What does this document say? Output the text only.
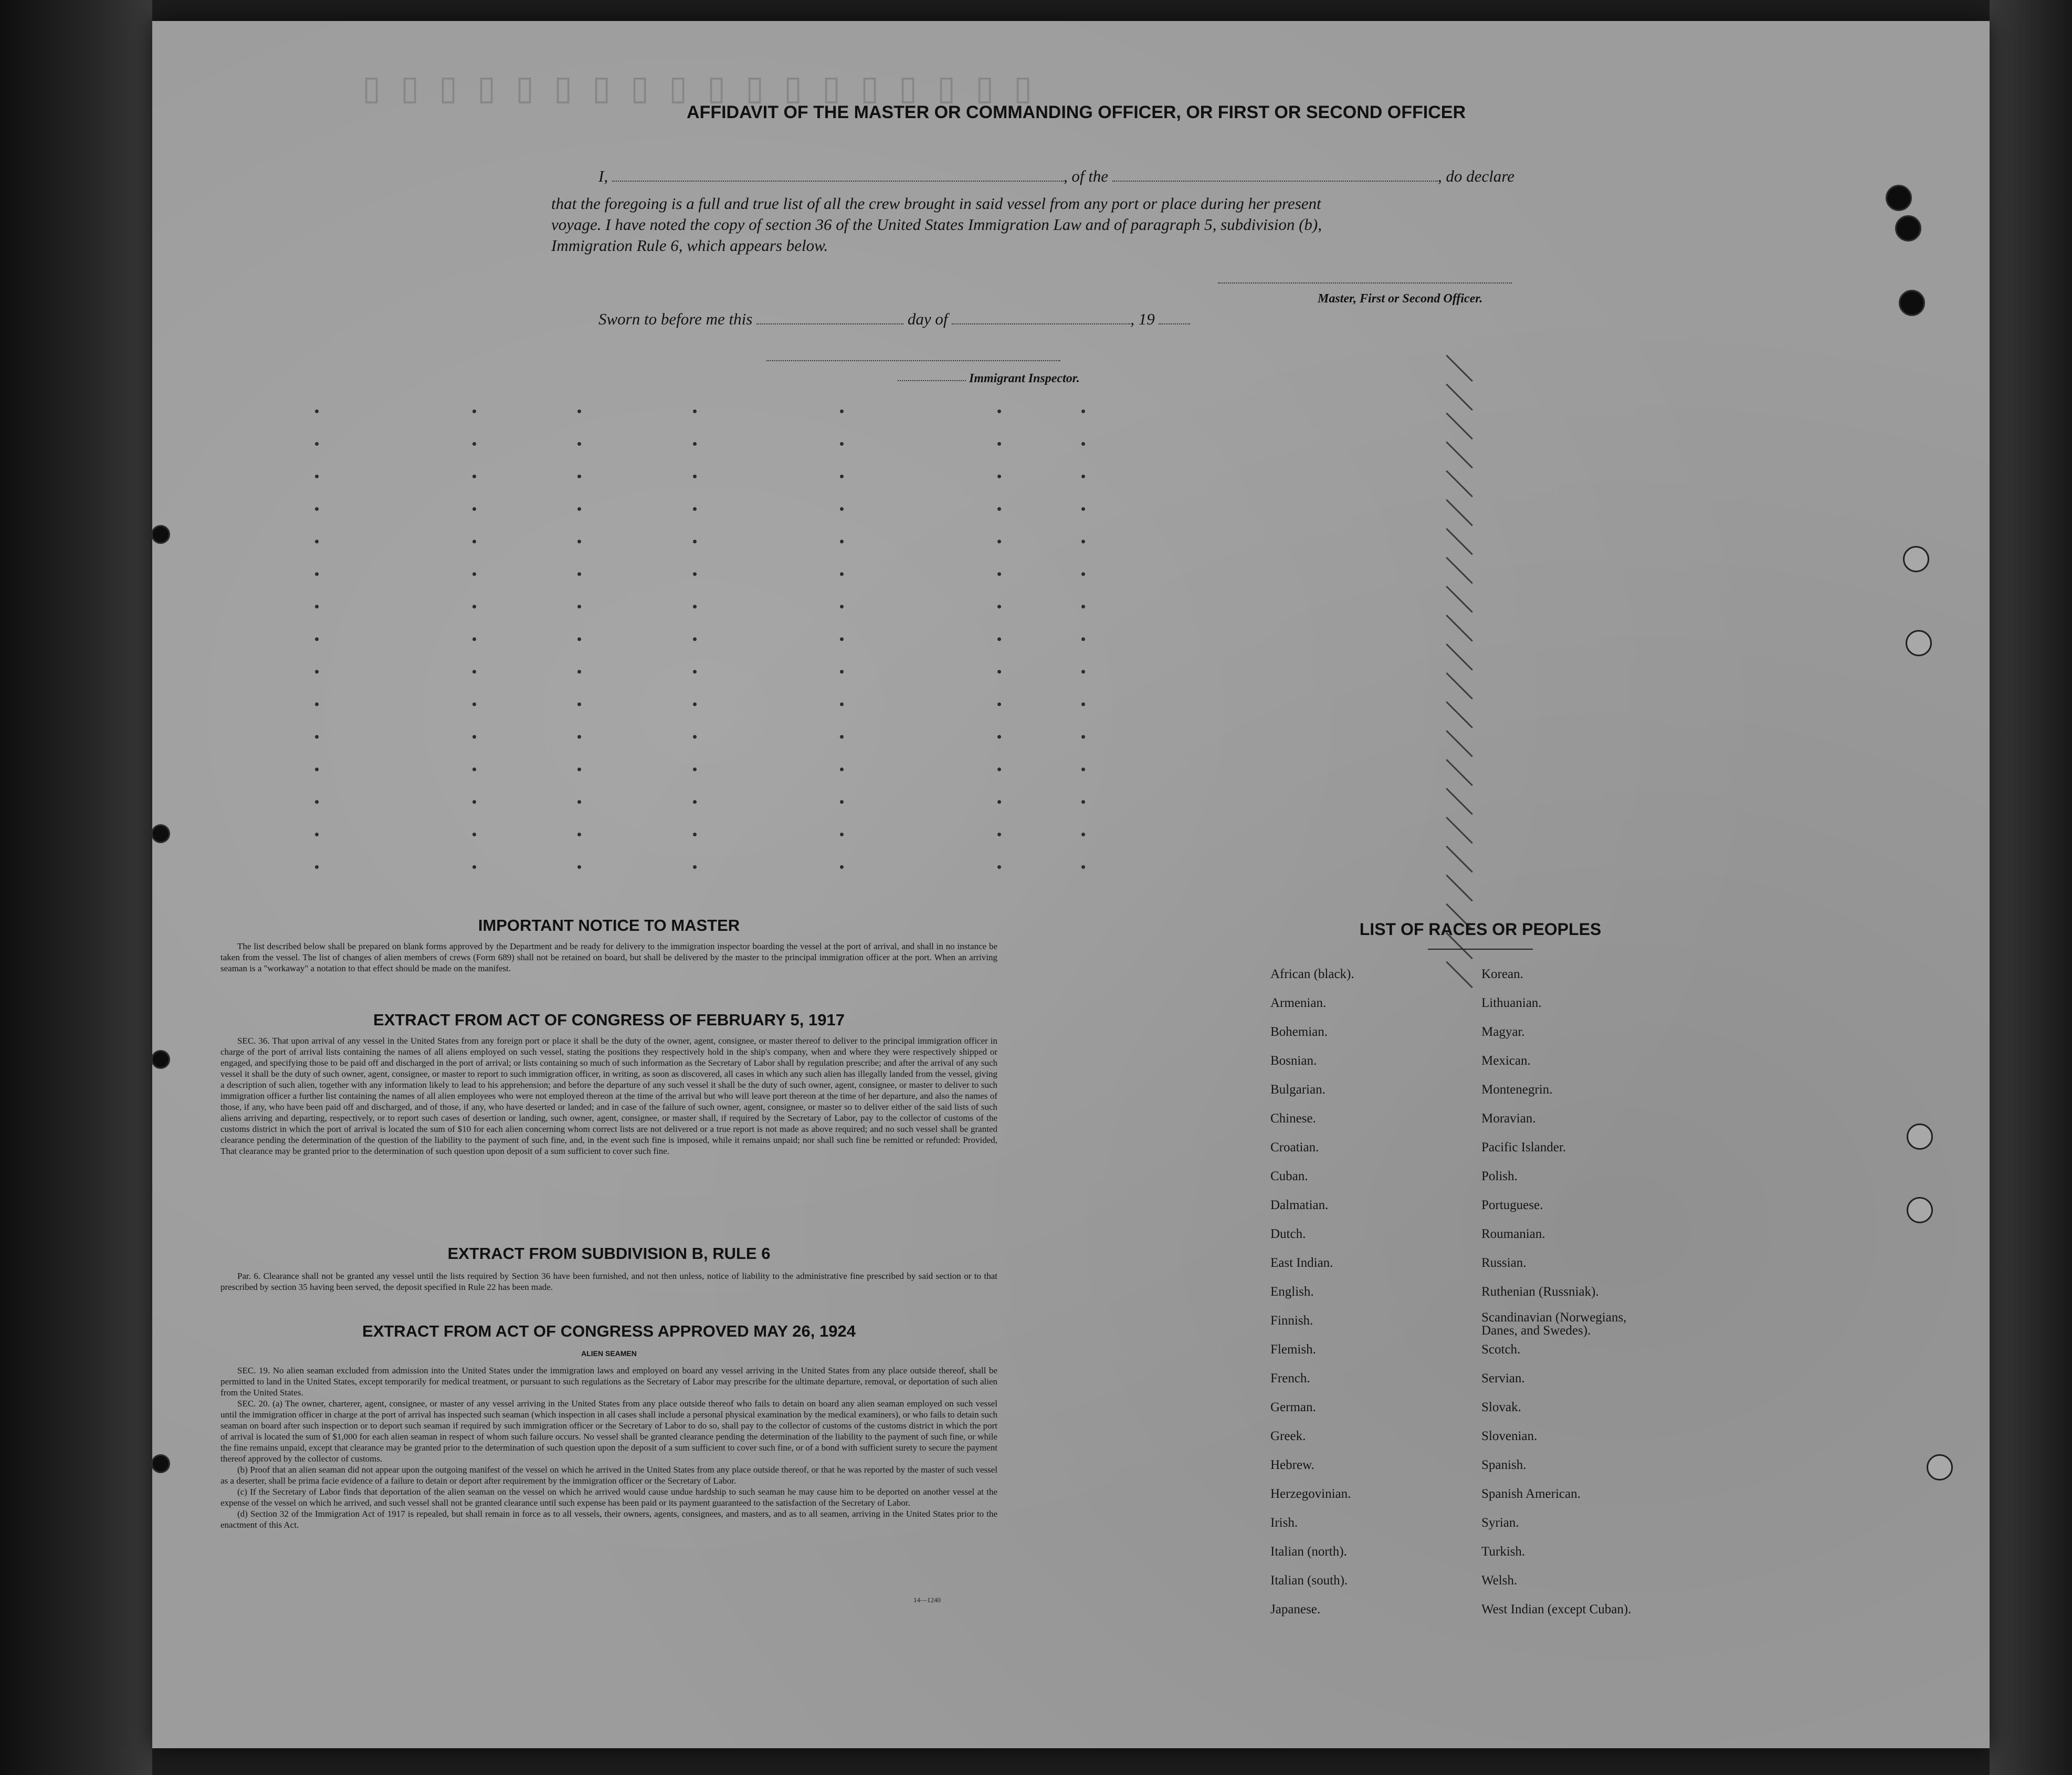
▯ ▯ ▯ ▯ ▯ ▯ ▯ ▯ ▯ ▯ ▯ ▯ ▯ ▯ ▯ ▯ ▯ ▯
AFFIDAVIT OF THE MASTER OR COMMANDING OFFICER, OR FIRST OR SECOND OFFICER
I,	, of the	, do declare
that the foregoing is a full and true list of all the crew brought in said vessel from any port or place during her present
voyage. I have noted the copy of section 36 of the United States Immigration Law and of paragraph 5, subdivision (b),
Immigration Rule 6, which appears below.
Master, First or Second Officer.
Sworn to before me this	day of	, 19
Immigrant Inspector.
IMPORTANT NOTICE TO MASTER

The list described below shall be prepared on blank forms approved by the Department and be ready for delivery to the immigration inspector boarding the vessel at the port of arrival, and shall in no instance be taken from the vessel. The list of changes of alien members of crews (Form 689) shall not be retained on board, but shall be delivered by the master to the principal immigration officer at the port. When an arriving seaman is a "workaway" a notation to that effect should be made on the manifest.

EXTRACT FROM ACT OF CONGRESS OF FEBRUARY 5, 1917

SEC. 36. That upon arrival of any vessel in the United States from any foreign port or place it shall be the duty of the owner, agent, consignee, or master thereof to deliver to the principal immigration officer in charge of the port of arrival lists containing the names of all aliens employed on such vessel, stating the positions they respectively hold in the ship's company, when and where they were respectively shipped or engaged, and specifying those to be paid off and discharged in the port of arrival; or lists containing so much of such information as the Secretary of Labor shall by regulation prescribe; and after the arrival of any such vessel it shall be the duty of such owner, agent, consignee, or master to report to such immigration officer, in writing, as soon as discovered, all cases in which any such alien has illegally landed from the vessel, giving a description of such alien, together with any information likely to lead to his apprehension; and before the departure of any such vessel it shall be the duty of such owner, agent, consignee, or master to deliver to such immigration officer a further list containing the names of all alien employees who were not employed thereon at the time of the arrival but who will leave port thereon at the time of her departure, and also the names of those, if any, who have been paid off and discharged, and of those, if any, who have deserted or landed; and in case of the failure of such owner, agent, consignee, or master so to deliver either of the said lists of such aliens arriving and departing, respectively, or to report such cases of desertion or landing, such owner, agent, consignee, or master shall, if required by the Secretary of Labor, pay to the collector of customs of the customs district in which the port of arrival is located the sum of $10 for each alien concerning whom correct lists are not delivered or a true report is not made as above required; and no such vessel shall be granted clearance pending the determination of the question of the liability to the payment of such fine, and, in the event such fine is imposed, while it remains unpaid; nor shall such fine be remitted or refunded: Provided, That clearance may be granted prior to the determination of such question upon deposit of a sum sufficient to cover such fine.

EXTRACT FROM SUBDIVISION B, RULE 6

Par. 6. Clearance shall not be granted any vessel until the lists required by Section 36 have been furnished, and not then unless, notice of liability to the administrative fine prescribed by said section or to that prescribed by section 35 having been served, the deposit specified in Rule 22 has been made.

EXTRACT FROM ACT OF CONGRESS APPROVED MAY 26, 1924
ALIEN SEAMEN

SEC. 19. No alien seaman excluded from admission into the United States under the immigration laws and employed on board any vessel arriving in the United States from any place outside thereof, shall be permitted to land in the United States, except temporarily for medical treatment, or pursuant to such regulations as the Secretary of Labor may prescribe for the ultimate departure, removal, or deportation of such alien from the United States.

SEC. 20. (a) The owner, charterer, agent, consignee, or master of any vessel arriving in the United States from any place outside thereof who fails to detain on board any alien seaman employed on such vessel until the immigration officer in charge at the port of arrival has inspected such seaman (which inspection in all cases shall include a personal physical examination by the medical examiners), or who fails to detain such seaman on board after such inspection or to deport such seaman if required by such immigration officer or the Secretary of Labor to do so, shall pay to the collector of customs of the customs district in which the port of arrival is located the sum of $1,000 for each alien seaman in respect of whom such failure occurs. No vessel shall be granted clearance pending the determination of the liability to the payment of such fine, or while the fine remains unpaid, except that clearance may be granted prior to the determination of such question upon the deposit of a sum sufficient to cover such fine, or of a bond with sufficient surety to secure the payment thereof approved by the collector of customs.

(b) Proof that an alien seaman did not appear upon the outgoing manifest of the vessel on which he arrived in the United States from any place outside thereof, or that he was reported by the master of such vessel as a deserter, shall be prima facie evidence of a failure to detain or deport after requirement by the immigration officer or the Secretary of Labor.

(c) If the Secretary of Labor finds that deportation of the alien seaman on the vessel on which he arrived would cause undue hardship to such seaman he may cause him to be deported on another vessel at the expense of the vessel on which he arrived, and such vessel shall not be granted clearance until such expense has been paid or its payment guaranteed to the satisfaction of the Secretary of Labor.

(d) Section 32 of the Immigration Act of 1917 is repealed, but shall remain in force as to all vessels, their owners, agents, consignees, and masters, and as to all seamen, arriving in the United States prior to the enactment of this Act.

14—1240
LIST OF RACES OR PEOPLES
African (black).
Armenian.
Bohemian.
Bosnian.
Bulgarian.
Chinese.
Croatian.
Cuban.
Dalmatian.
Dutch.
East Indian.
English.
Finnish.
Flemish.
French.
German.
Greek.
Hebrew.
Herzegovinian.
Irish.
Italian (north).
Italian (south).
Japanese.
Korean.
Lithuanian.
Magyar.
Mexican.
Montenegrin.
Moravian.
Pacific Islander.
Polish.
Portuguese.
Roumanian.
Russian.
Ruthenian (Russniak).
Scandinavian (Norwegians, Danes, and Swedes).
Scotch.
Servian.
Slovak.
Slovenian.
Spanish.
Spanish American.
Syrian.
Turkish.
Welsh.
West Indian (except Cuban).
